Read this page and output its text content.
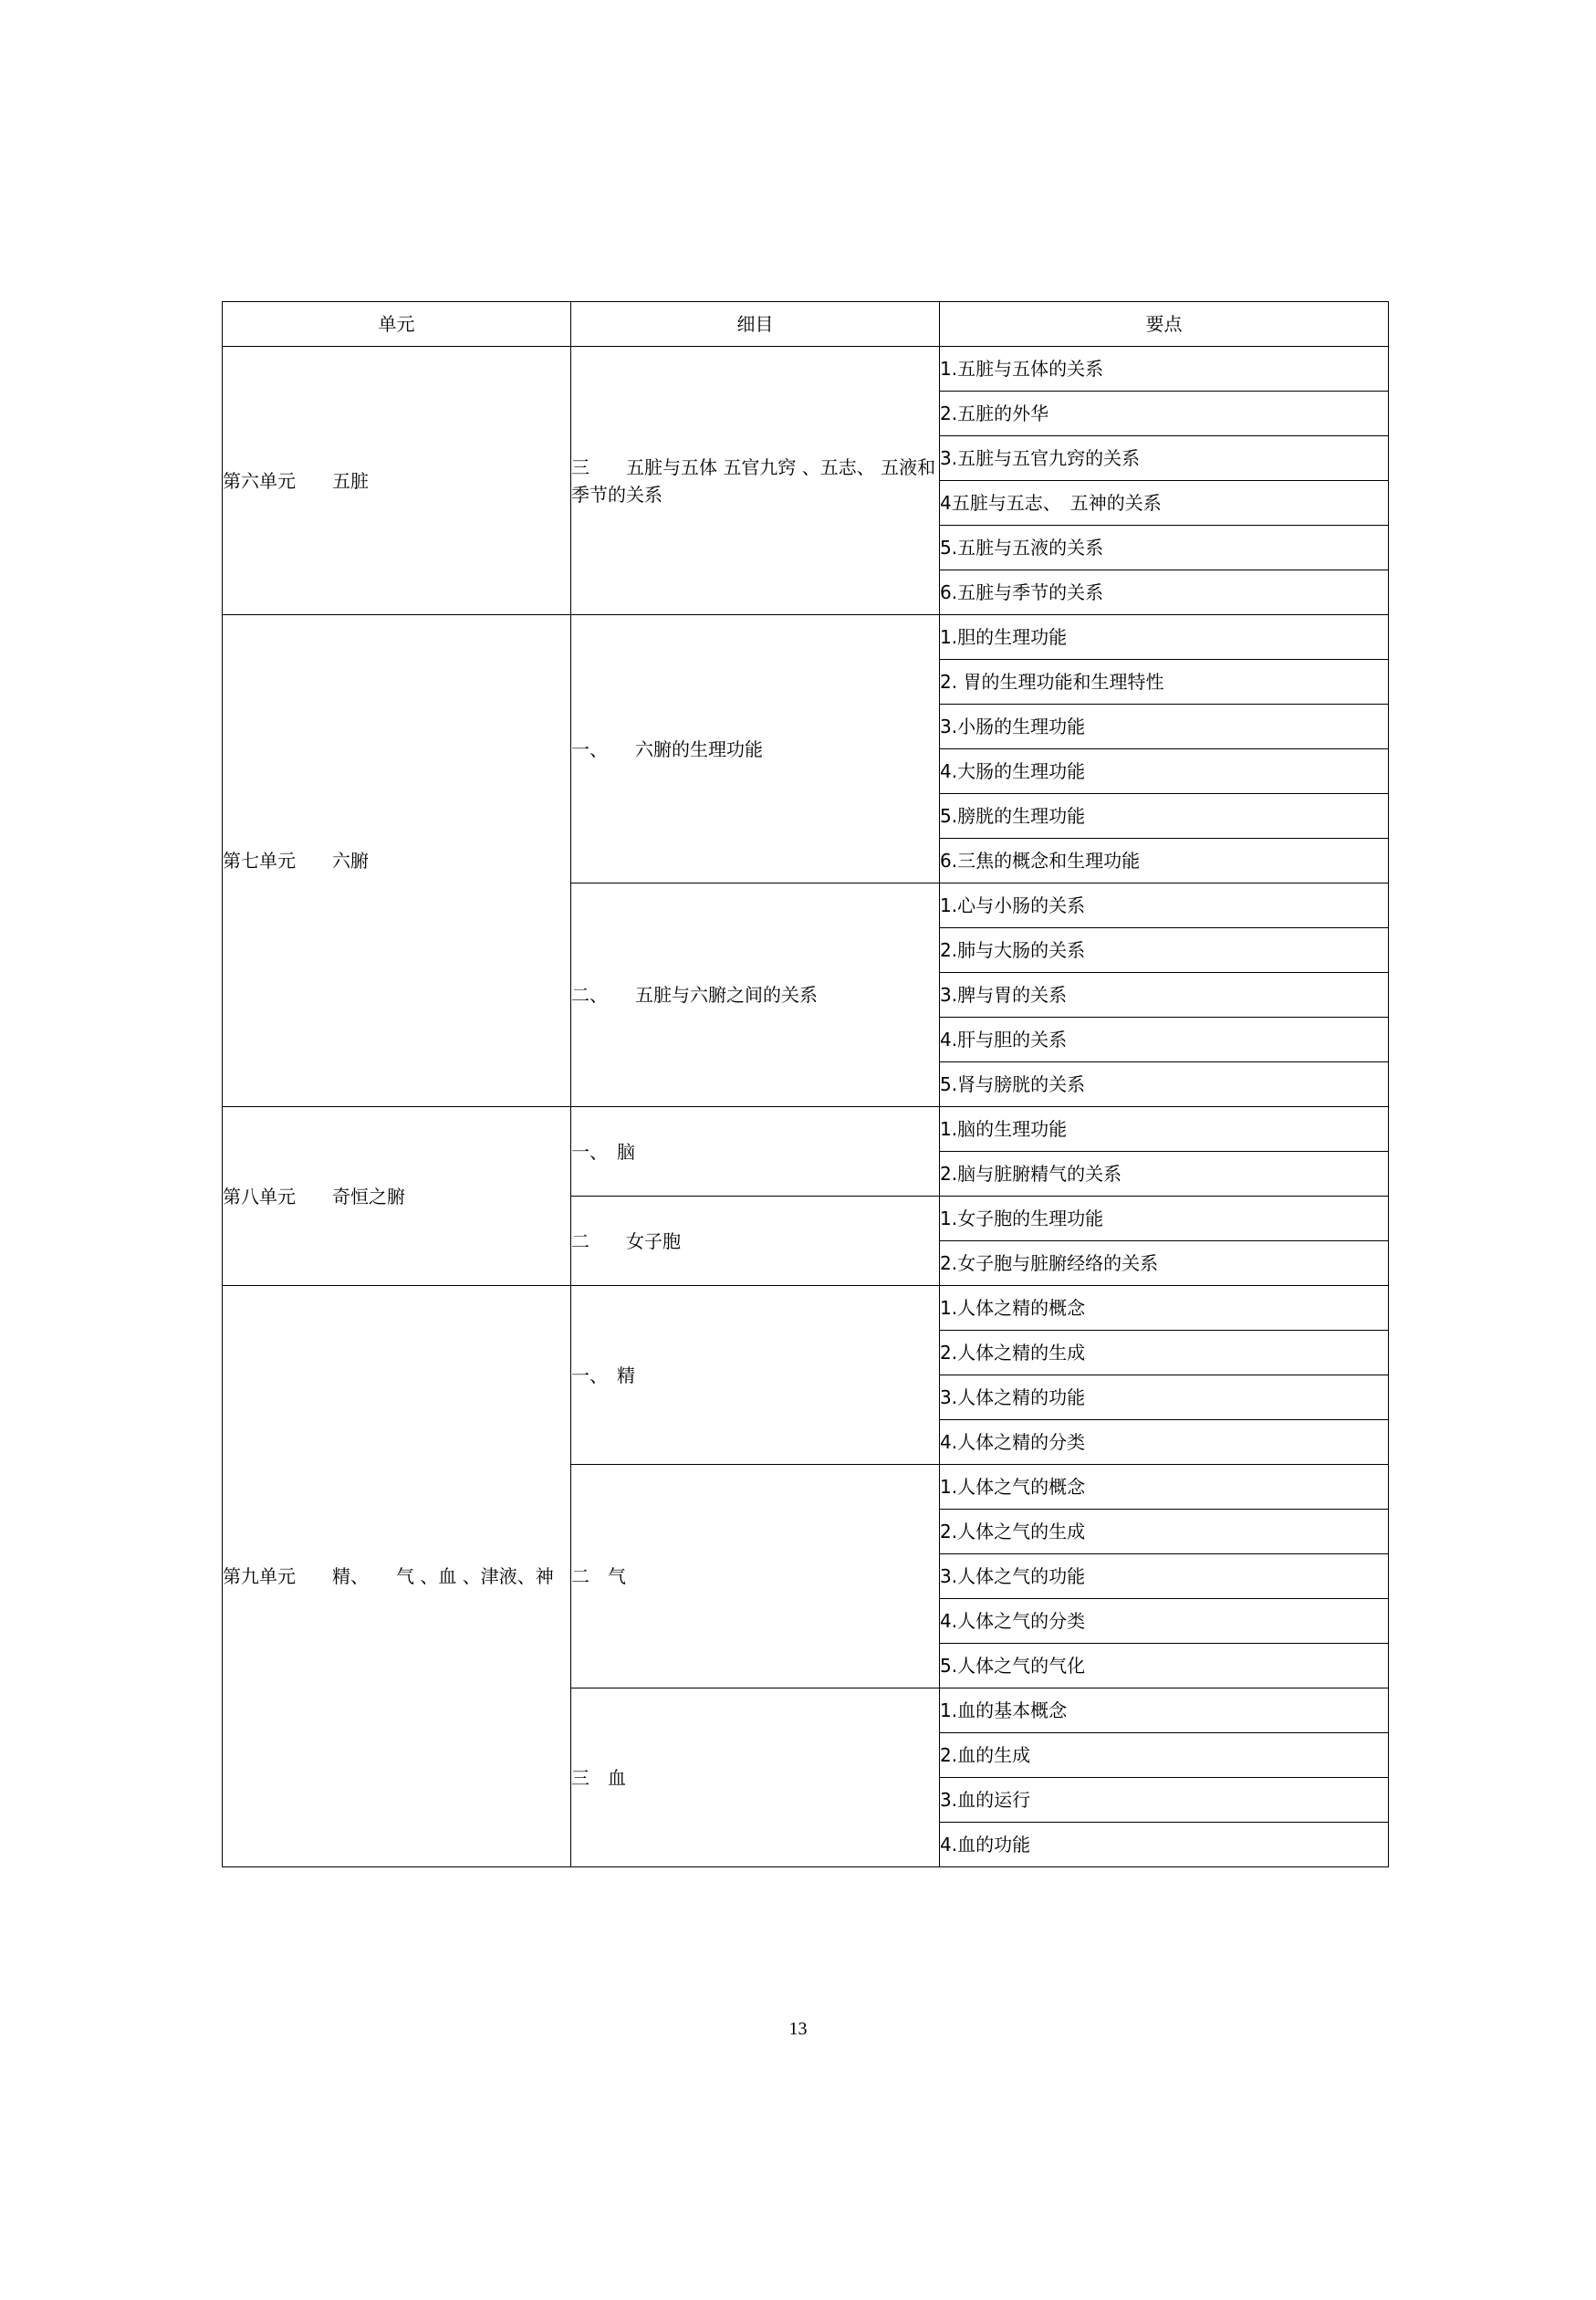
单元	细目	要点
第六单元　　五脏	三　　五脏与五体 五官九窍 、五志、 五液和季节的关系	1.五脏与五体的关系
		2.五脏的外华
		3.五脏与五官九窍的关系
		4五脏与五志、　五神的关系
		5.五脏与五液的关系
		6.五脏与季节的关系
第七单元　　六腑	一、　　六腑的生理功能	1.胆的生理功能
		2. 胃的生理功能和生理特性
		3.小肠的生理功能
		4.大肠的生理功能
		5.膀胱的生理功能
		6.三焦的概念和生理功能
	二、　　五脏与六腑之间的关系	1.心与小肠的关系
		2.肺与大肠的关系
		3.脾与胃的关系
		4.肝与胆的关系
		5.肾与膀胱的关系
第八单元　　奇恒之腑	一、　脑	1.脑的生理功能
		2.脑与脏腑精气的关系
	二　　女子胞	1.女子胞的生理功能
		2.女子胞与脏腑经络的关系
第九单元　　精、　　气 、血 、津液、神	一、　精	1.人体之精的概念
		2.人体之精的生成
		3.人体之精的功能
		4.人体之精的分类
	二　气	1.人体之气的概念
		2.人体之气的生成
		3.人体之气的功能
		4.人体之气的分类
		5.人体之气的气化
	三　血	1.血的基本概念
		2.血的生成
		3.血的运行
		4.血的功能
13
